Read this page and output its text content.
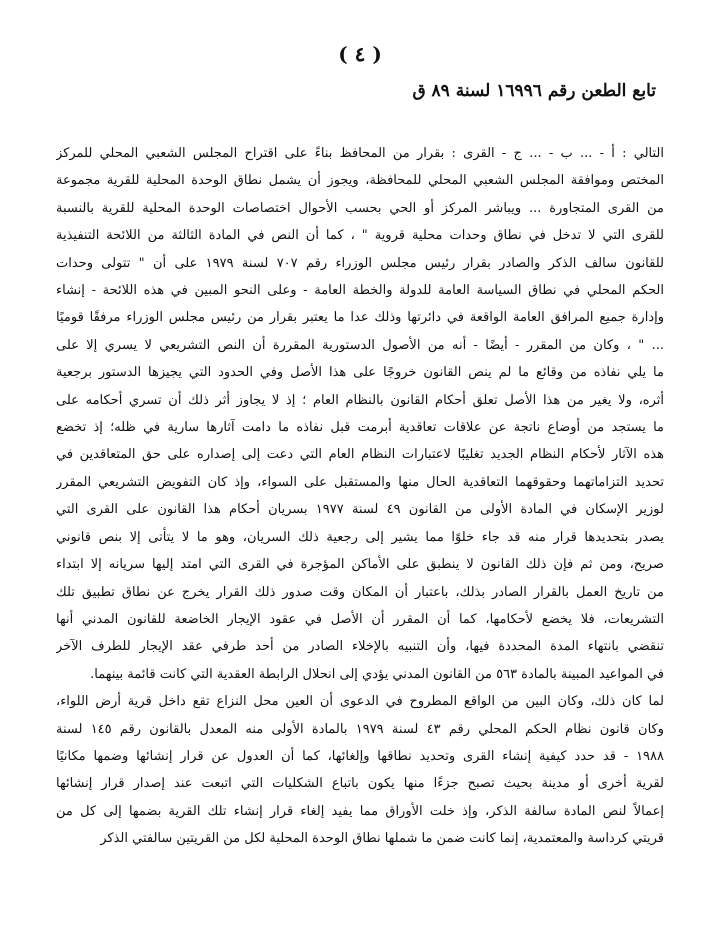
( ٤ )
تابع الطعن رقم ١٦٩٩٦ لسنة ٨٩ ق
التالي : أ - ... ب - ... ج - القرى : بقرار من المحافظ بناءً على اقتراح المجلس الشعبي المحلي للمركز
المختص وموافقة المجلس الشعبي المحلي للمحافظة، ويجوز أن يشمل نطاق الوحدة المحلية للقرية مجموعة
من القرى المتجاورة ... ويباشر المركز أو الحي بحسب الأحوال اختصاصات الوحدة المحلية للقرية بالنسبة
للقرى التي لا تدخل في نطاق وحدات محلية قروية " ، كما أن النص في المادة الثالثة من اللائحة التنفيذية
للقانون سالف الذكر والصادر بقرار رئيس مجلس الوزراء رقم ٧٠٧ لسنة ١٩٧٩ على أن " تتولى وحدات
الحكم المحلي في نطاق السياسة العامة للدولة والخطة العامة - وعلى النحو المبين في هذه اللائحة - إنشاء
وإدارة جميع المرافق العامة الواقعة في دائرتها وذلك عدا ما يعتبر بقرار من رئيس مجلس الوزراء مرفقًا قوميًا
... " ، وكان من المقرر - أيضًا - أنه من الأصول الدستورية المقررة أن النص التشريعي لا يسري إلا على
ما يلي نفاذه من وقائع ما لم ينص القانون خروجًا على هذا الأصل وفي الحدود التي يجيزها الدستور برجعية
أثره، ولا يغير من هذا الأصل تعلق أحكام القانون بالنظام العام ؛ إذ لا يجاوز أثر ذلك أن تسري أحكامه على
ما يستجد من أوضاع ناتجة عن علاقات تعاقدية أبرمت قبل نفاذه ما دامت آثارها سارية في ظله؛ إذ تخضع
هذه الآثار لأحكام النظام الجديد تغليبًا لاعتبارات النظام العام التي دعت إلى إصداره على حق المتعاقدين في
تحديد التزاماتهما وحقوقهما التعاقدية الحال منها والمستقبل على السواء، وإذ كان التفويض التشريعي المقرر
لوزير الإسكان في المادة الأولى من القانون ٤٩ لسنة ١٩٧٧ بسريان أحكام هذا القانون على القرى التي
يصدر بتحديدها قرار منه قد جاء خلوًا مما يشير إلى رجعية ذلك السريان، وهو ما لا يتأتى إلا بنص قانوني
صريح، ومن ثم فإن ذلك القانون لا ينطبق على الأماكن المؤجرة في القرى التي امتد إليها سريانه إلا ابتداء
من تاريخ العمل بالقرار الصادر بذلك، باعتبار أن المكان وقت صدور ذلك القرار يخرج عن نطاق تطبيق تلك
التشريعات، فلا يخضع لأحكامها، كما أن المقرر أن الأصل في عقود الإيجار الخاضعة للقانون المدني أنها
تنقضي بانتهاء المدة المحددة فيها، وأن التنبيه بالإخلاء الصادر من أحد طرفي عقد الإيجار للطرف الآخر
في المواعيد المبينة بالمادة ٥٦٣ من القانون المدني يؤدي إلى انحلال الرابطة العقدية التي كانت قائمة بينهما.
لما كان ذلك، وكان البين من الواقع المطروح في الدعوى أن العين محل النزاع تقع داخل قرية أرض اللواء،
وكان قانون نظام الحكم المحلي رقم ٤٣ لسنة ١٩٧٩ بالمادة الأولى منه المعدل بالقانون رقم ١٤٥ لسنة
١٩٨٨ - قد حدد كيفية إنشاء القرى وتحديد نطاقها وإلغائها، كما أن العدول عن قرار إنشائها وضمها مكانيًا
لقرية أخرى أو مدينة بحيث تصبح جزءًا منها يكون باتباع الشكليات التي اتبعت عند إصدار قرار إنشائها
إعمالاً لنص المادة سالفة الذكر، وإذ خلت الأوراق مما يفيد إلغاء قرار إنشاء تلك القرية بضمها إلى كل من
قريتي كرداسة والمعتمدية، إنما كانت ضمن ما شملها نطاق الوحدة المحلية لكل من القريتين سالفتي الذكر
